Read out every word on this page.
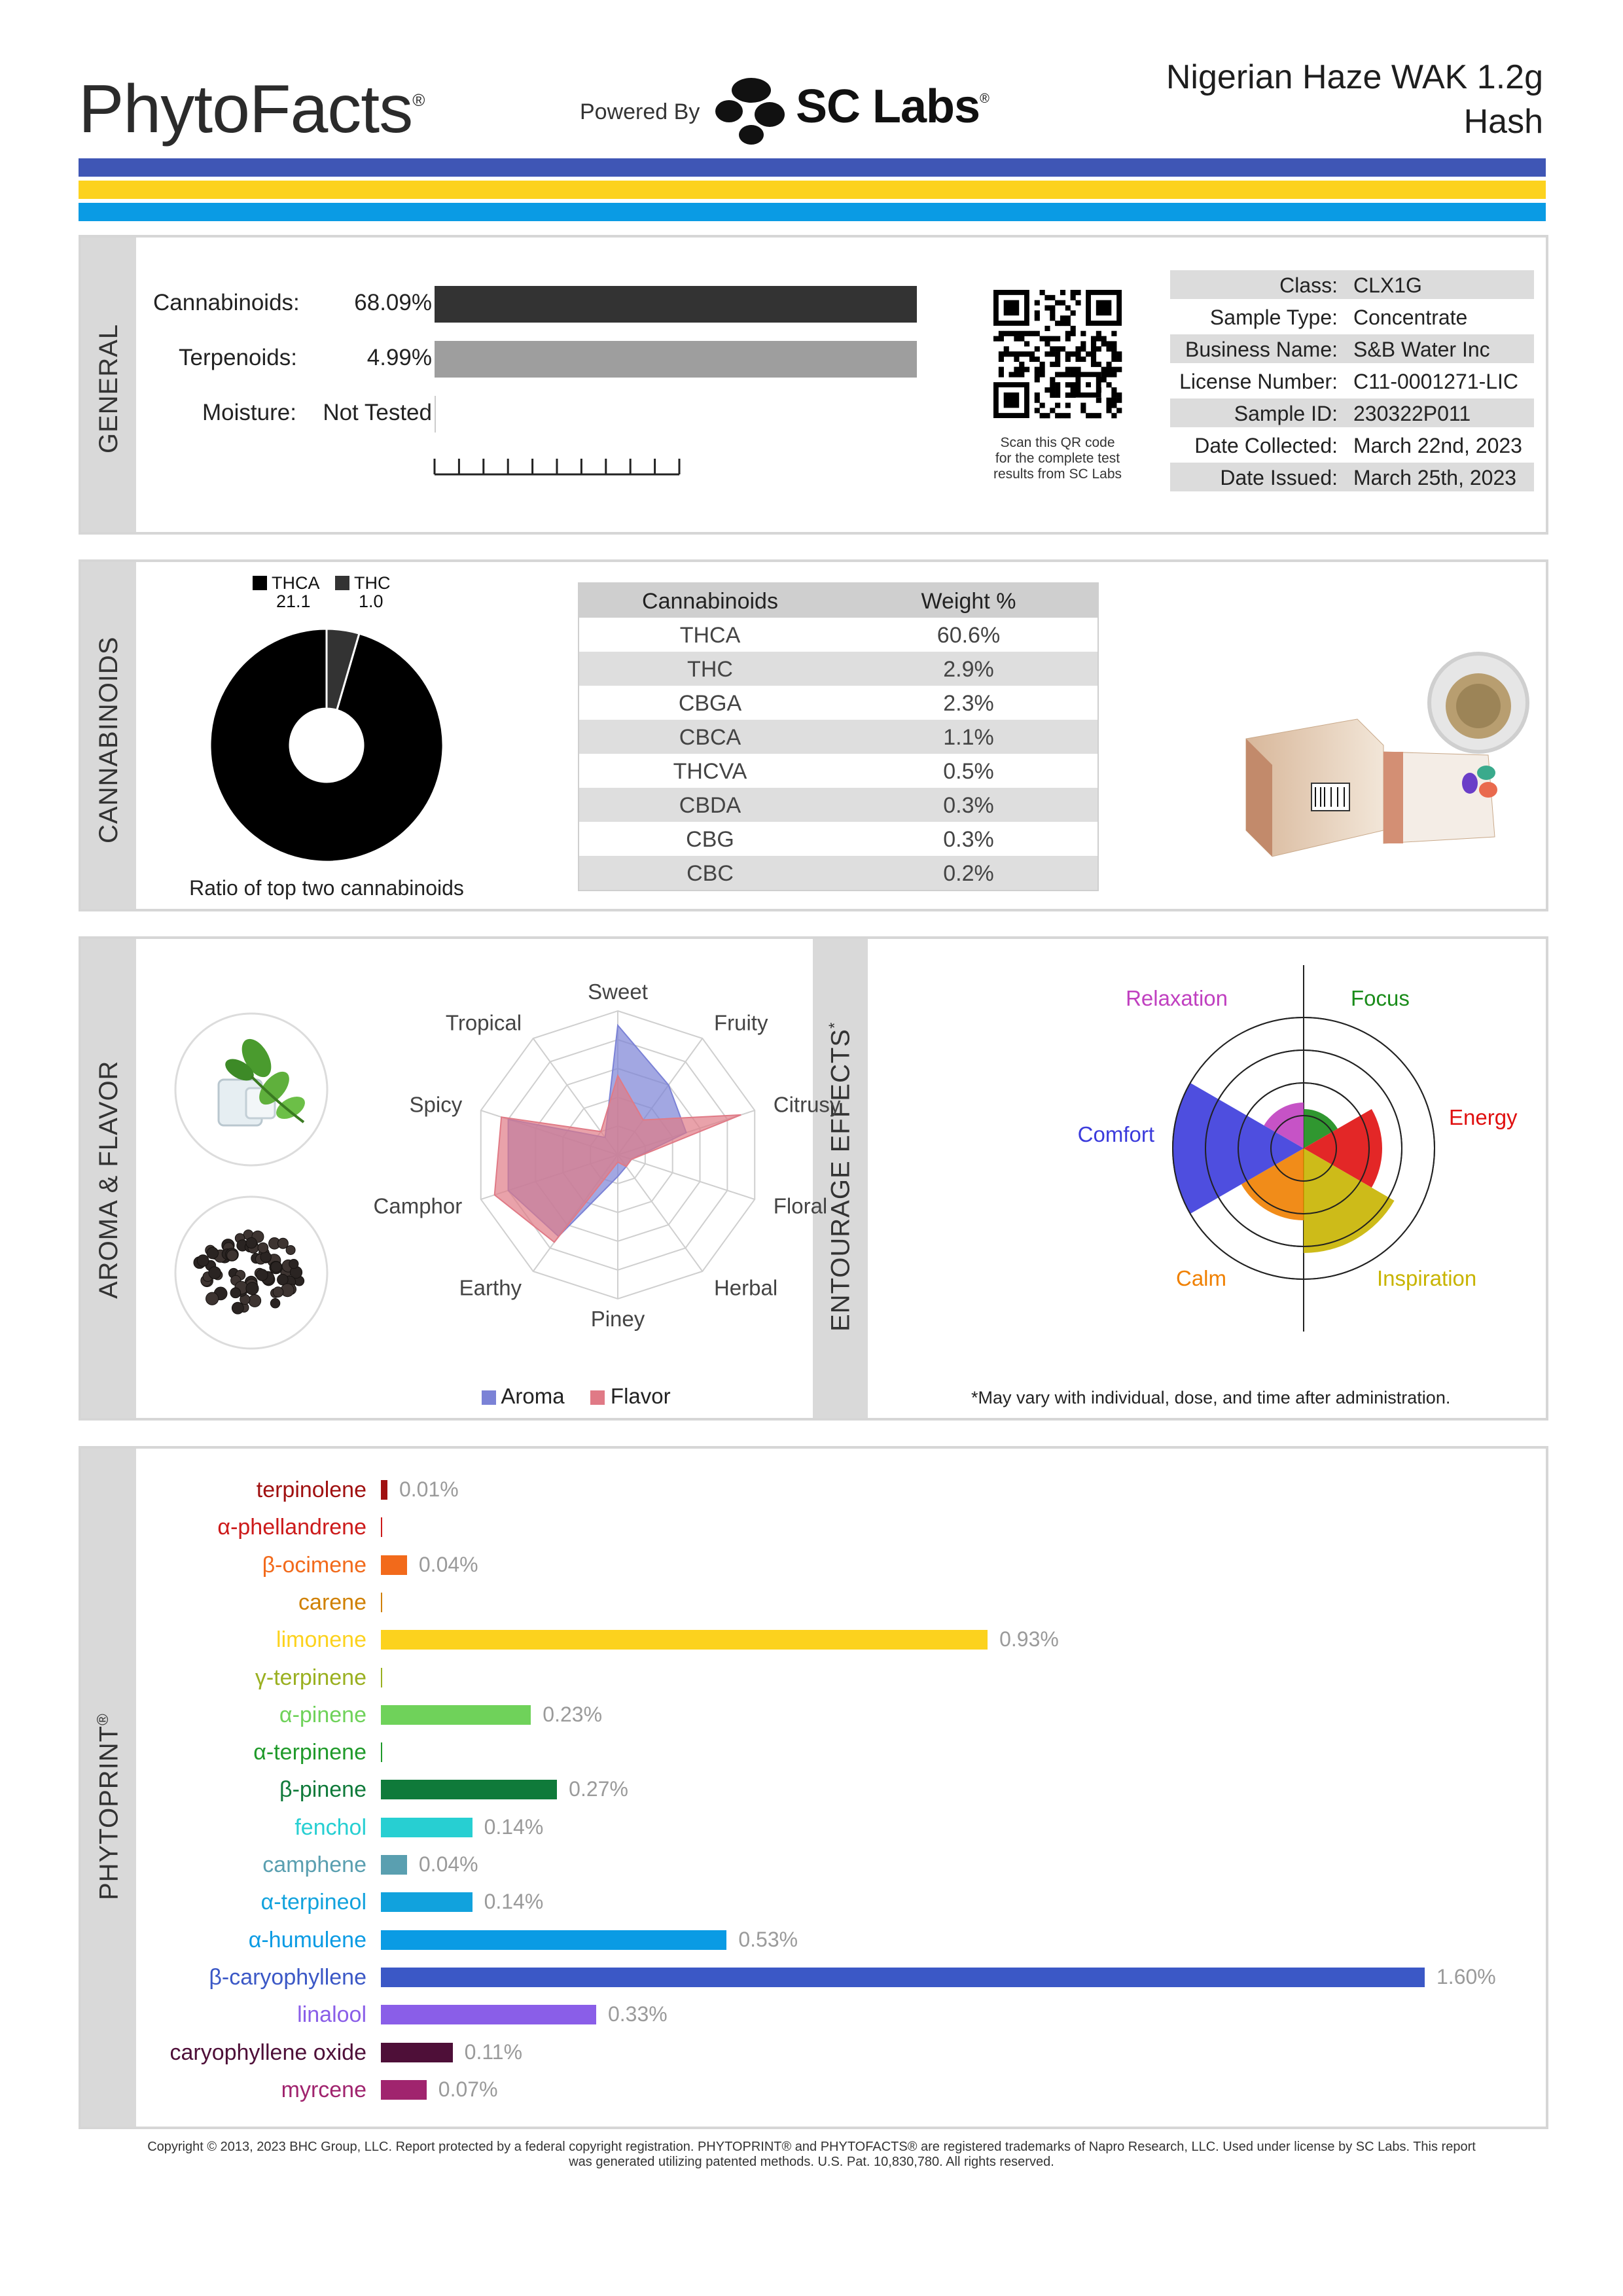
PhytoFacts®	Powered By SC Labs®
Nigerian Haze WAK 1.2g
Hash
GENERAL
Cannabinoids: 68.09%
Terpenoids:	4.99%
Moisture: Not Tested
Scan this QR code
for the complete test
results from SC Labs
Class: CLX1G
Sample Type: Concentrate
Business Name: S&B Water Inc
License Number: C11-0001271-LIC
Sample ID: 230322P011
Date Collected: March 22nd, 2023
Date Issued: March 25th, 2023
CANNABINOIDS
THCA
21.1
THC
1.0
Ratio of top two cannabinoids
Cannabinoids	Weight %
THCA	60.6%
THC	2.9%
CBGA	2.3%
CBCA	1.1%
THCVA	0.5%
CBDA	0.3%
CBG	0.3%
CBC	0.2%
AROMA & FLAVOR	ENTOURAGE EFFECTS*
Sweet
Fruity
Citrusy
Floral
Herbal
Piney
Earthy
Camphor
Spicy
Tropical
Aroma Flavor
Focus
Energy
Inspiration
Calm
Comfort
Relaxation
*May vary with individual, dose, and time after administration.
PHYTOPRINT®
terpinolene 0.01%
α-phellandrene
β-ocimene 0.04%
carene
limonene	0.93%
γ-terpinene
α-pinene	0.23%
α-terpinene
β-pinene	0.27%
fenchol	0.14%
camphene 0.04%
α-terpineol	0.14%
α-humulene	0.53%
β-caryophyllene	1.60%
linalool	0.33%
caryophyllene oxide	0.11%
myrcene	0.07%
Copyright © 2013, 2023 BHC Group, LLC. Report protected by a federal copyright registration. PHYTOPRINT® and PHYTOFACTS® are registered trademarks of Napro Research, LLC. Used under license by SC Labs. This report
was generated utilizing patented methods. U.S. Pat. 10,830,780. All rights reserved.
